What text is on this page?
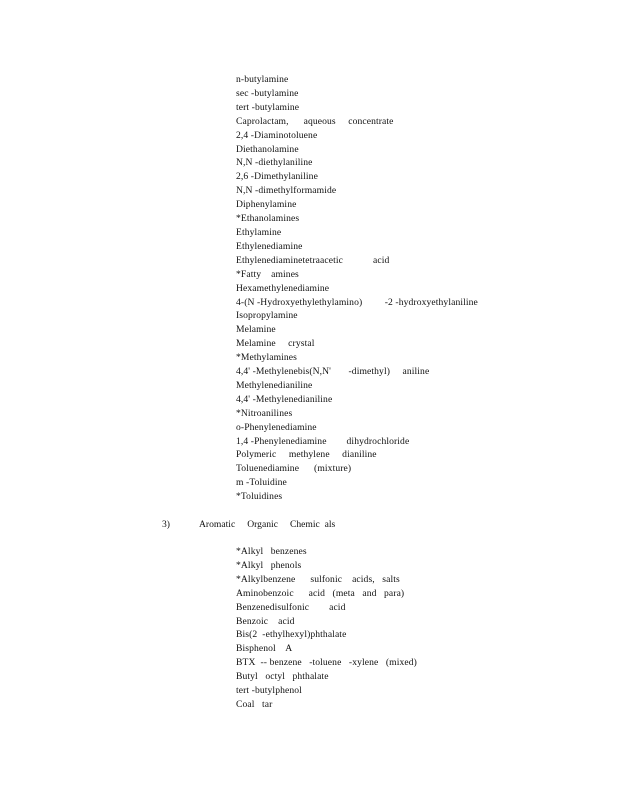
n-butylamine
sec -butylamine
tert -butylamine
Caprolactam,      aqueous     concentrate
2,4 -Diaminotoluene
Diethanolamine
N,N -diethylaniline
2,6 -Dimethylaniline
N,N -dimethylformamide
Diphenylamine
*Ethanolamines
Ethylamine
Ethylenediamine
Ethylenediaminetetraacetic            acid
*Fatty    amines
Hexamethylenediamine
4-(N -Hydroxyethylethylamino)         -2 -hydroxyethylaniline
Isopropylamine
Melamine
Melamine     crystal
*Methylamines
4,4' -Methylenebis(N,N'       -dimethyl)     aniline
Methylenedianiline
4,4' -Methylenedianiline
*Nitroanilines
o-Phenylenediamine
1,4 -Phenylenediamine        dihydrochloride
Polymeric     methylene     dianiline
Toluenediamine      (mixture)
m -Toluidine
*Toluidines
3)	Aromatic     Organic     Chemic  als
*Alkyl   benzenes
*Alkyl   phenols
*Alkylbenzene      sulfonic    acids,   salts
Aminobenzoic      acid   (meta   and   para)
Benzenedisulfonic        acid
Benzoic    acid
Bis(2  -ethylhexyl)phthalate
Bisphenol    A
BTX  -- benzene   -toluene   -xylene   (mixed)
Butyl   octyl   phthalate
tert -butylphenol
Coal   tar
